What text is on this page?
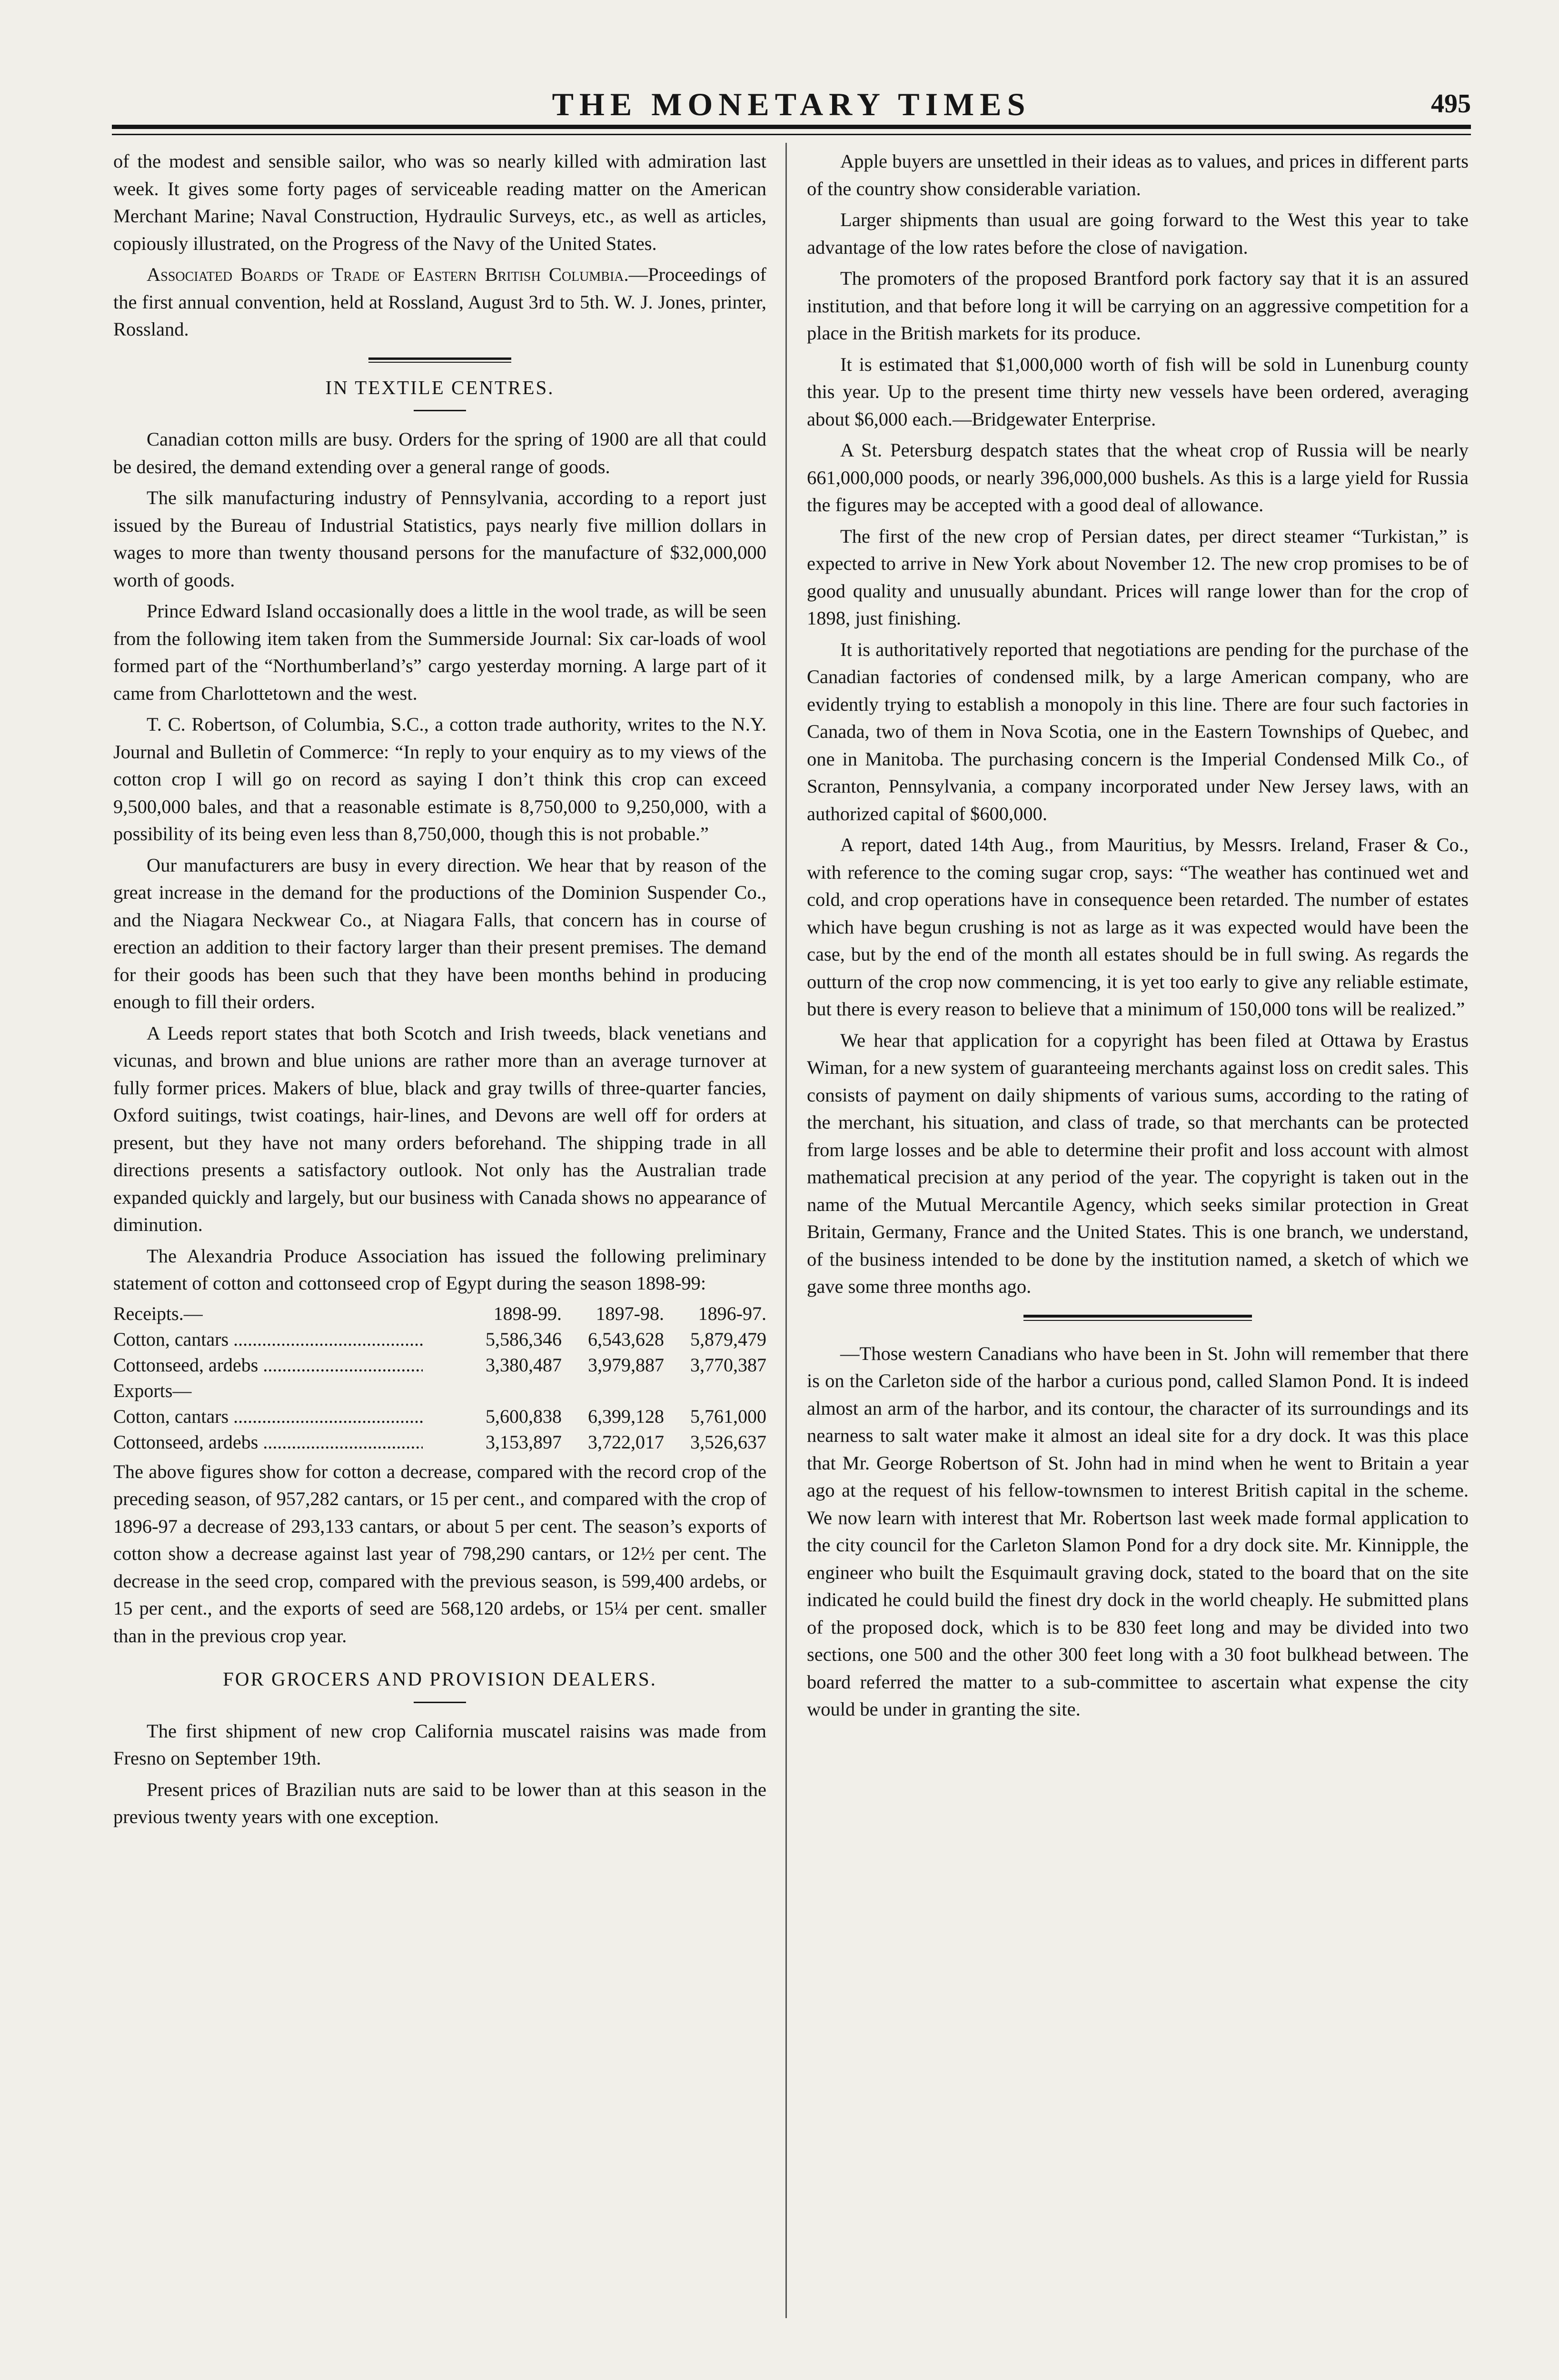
THE MONETARY TIMES	495

of the modest and sensible sailor, who was so nearly killed with admiration last week. It gives some forty pages of serviceable reading matter on the American Merchant Marine; Naval Construction, Hydraulic Surveys, etc., as well as articles, copiously illustrated, on the Progress of the Navy of the United States.

Associated Boards of Trade of Eastern British Columbia.—Proceedings of the first annual convention, held at Rossland, August 3rd to 5th. W. J. Jones, printer, Rossland.

IN TEXTILE CENTRES.

Canadian cotton mills are busy. Orders for the spring of 1900 are all that could be desired, the demand extending over a general range of goods.

The silk manufacturing industry of Pennsylvania, according to a report just issued by the Bureau of Industrial Statistics, pays nearly five million dollars in wages to more than twenty thousand persons for the manufacture of $32,000,000 worth of goods.

Prince Edward Island occasionally does a little in the wool trade, as will be seen from the following item taken from the Summerside Journal: Six car-loads of wool formed part of the “Northumberland’s” cargo yesterday morning. A large part of it came from Charlottetown and the west.

T. C. Robertson, of Columbia, S.C., a cotton trade authority, writes to the N.Y. Journal and Bulletin of Commerce: “In reply to your enquiry as to my views of the cotton crop I will go on record as saying I don’t think this crop can exceed 9,500,000 bales, and that a reasonable estimate is 8,750,000 to 9,250,000, with a possibility of its being even less than 8,750,000, though this is not probable.”

Our manufacturers are busy in every direction. We hear that by reason of the great increase in the demand for the productions of the Dominion Suspender Co., and the Niagara Neckwear Co., at Niagara Falls, that concern has in course of erection an addition to their factory larger than their present premises. The demand for their goods has been such that they have been months behind in producing enough to fill their orders.

A Leeds report states that both Scotch and Irish tweeds, black venetians and vicunas, and brown and blue unions are rather more than an average turnover at fully former prices. Makers of blue, black and gray twills of three-quarter fancies, Oxford suitings, twist coatings, hair-lines, and Devons are well off for orders at present, but they have not many orders beforehand. The shipping trade in all directions presents a satisfactory outlook. Not only has the Australian trade expanded quickly and largely, but our business with Canada shows no appearance of diminution.

The Alexandria Produce Association has issued the following preliminary statement of cotton and cottonseed crop of Egypt during the season 1898-99:

Receipts.—	1898-99.	1897-98.	1896-97.
Cotton, cantars .....	5,586,346	6,543,628	5,879,479
Cottonseed, ardebs .....	3,380,487	3,979,887	3,770,387
Exports—			
Cotton, cantars .....	5,600,838	6,399,128	5,761,000
Cottonseed, ardebs .....	3,153,897	3,722,017	3,526,637

The above figures show for cotton a decrease, compared with the record crop of the preceding season, of 957,282 cantars, or 15 per cent., and compared with the crop of 1896-97 a decrease of 293,133 cantars, or about 5 per cent. The season’s exports of cotton show a decrease against last year of 798,290 cantars, or 12½ per cent. The decrease in the seed crop, compared with the previous season, is 599,400 ardebs, or 15 per cent., and the exports of seed are 568,120 ardebs, or 15¼ per cent. smaller than in the previous crop year.

FOR GROCERS AND PROVISION DEALERS.

The first shipment of new crop California muscatel raisins was made from Fresno on September 19th.

Present prices of Brazilian nuts are said to be lower than at this season in the previous twenty years with one exception.

Apple buyers are unsettled in their ideas as to values, and prices in different parts of the country show considerable variation.

Larger shipments than usual are going forward to the West this year to take advantage of the low rates before the close of navigation.

The promoters of the proposed Brantford pork factory say that it is an assured institution, and that before long it will be carrying on an aggressive competition for a place in the British markets for its produce.

It is estimated that $1,000,000 worth of fish will be sold in Lunenburg county this year. Up to the present time thirty new vessels have been ordered, averaging about $6,000 each.—Bridgewater Enterprise.

A St. Petersburg despatch states that the wheat crop of Russia will be nearly 661,000,000 poods, or nearly 396,000,000 bushels. As this is a large yield for Russia the figures may be accepted with a good deal of allowance.

The first of the new crop of Persian dates, per direct steamer “Turkistan,” is expected to arrive in New York about November 12. The new crop promises to be of good quality and unusually abundant. Prices will range lower than for the crop of 1898, just finishing.

It is authoritatively reported that negotiations are pending for the purchase of the Canadian factories of condensed milk, by a large American company, who are evidently trying to establish a monopoly in this line. There are four such factories in Canada, two of them in Nova Scotia, one in the Eastern Townships of Quebec, and one in Manitoba. The purchasing concern is the Imperial Condensed Milk Co., of Scranton, Pennsylvania, a company incorporated under New Jersey laws, with an authorized capital of $600,000.

A report, dated 14th Aug., from Mauritius, by Messrs. Ireland, Fraser & Co., with reference to the coming sugar crop, says: “The weather has continued wet and cold, and crop operations have in consequence been retarded. The number of estates which have begun crushing is not as large as it was expected would have been the case, but by the end of the month all estates should be in full swing. As regards the outturn of the crop now commencing, it is yet too early to give any reliable estimate, but there is every reason to believe that a minimum of 150,000 tons will be realized.”

We hear that application for a copyright has been filed at Ottawa by Erastus Wiman, for a new system of guaranteeing merchants against loss on credit sales. This consists of payment on daily shipments of various sums, according to the rating of the merchant, his situation, and class of trade, so that merchants can be protected from large losses and be able to determine their profit and loss account with almost mathematical precision at any period of the year. The copyright is taken out in the name of the Mutual Mercantile Agency, which seeks similar protection in Great Britain, Germany, France and the United States. This is one branch, we understand, of the business intended to be done by the institution named, a sketch of which we gave some three months ago.

—Those western Canadians who have been in St. John will remember that there is on the Carleton side of the harbor a curious pond, called Slamon Pond. It is indeed almost an arm of the harbor, and its contour, the character of its surroundings and its nearness to salt water make it almost an ideal site for a dry dock. It was this place that Mr. George Robertson of St. John had in mind when he went to Britain a year ago at the request of his fellow-townsmen to interest British capital in the scheme. We now learn with interest that Mr. Robertson last week made formal application to the city council for the Carleton Slamon Pond for a dry dock site. Mr. Kinnipple, the engineer who built the Esquimault graving dock, stated to the board that on the site indicated he could build the finest dry dock in the world cheaply. He submitted plans of the proposed dock, which is to be 830 feet long and may be divided into two sections, one 500 and the other 300 feet long with a 30 foot bulkhead between. The board referred the matter to a sub-committee to ascertain what expense the city would be under in granting the site.
